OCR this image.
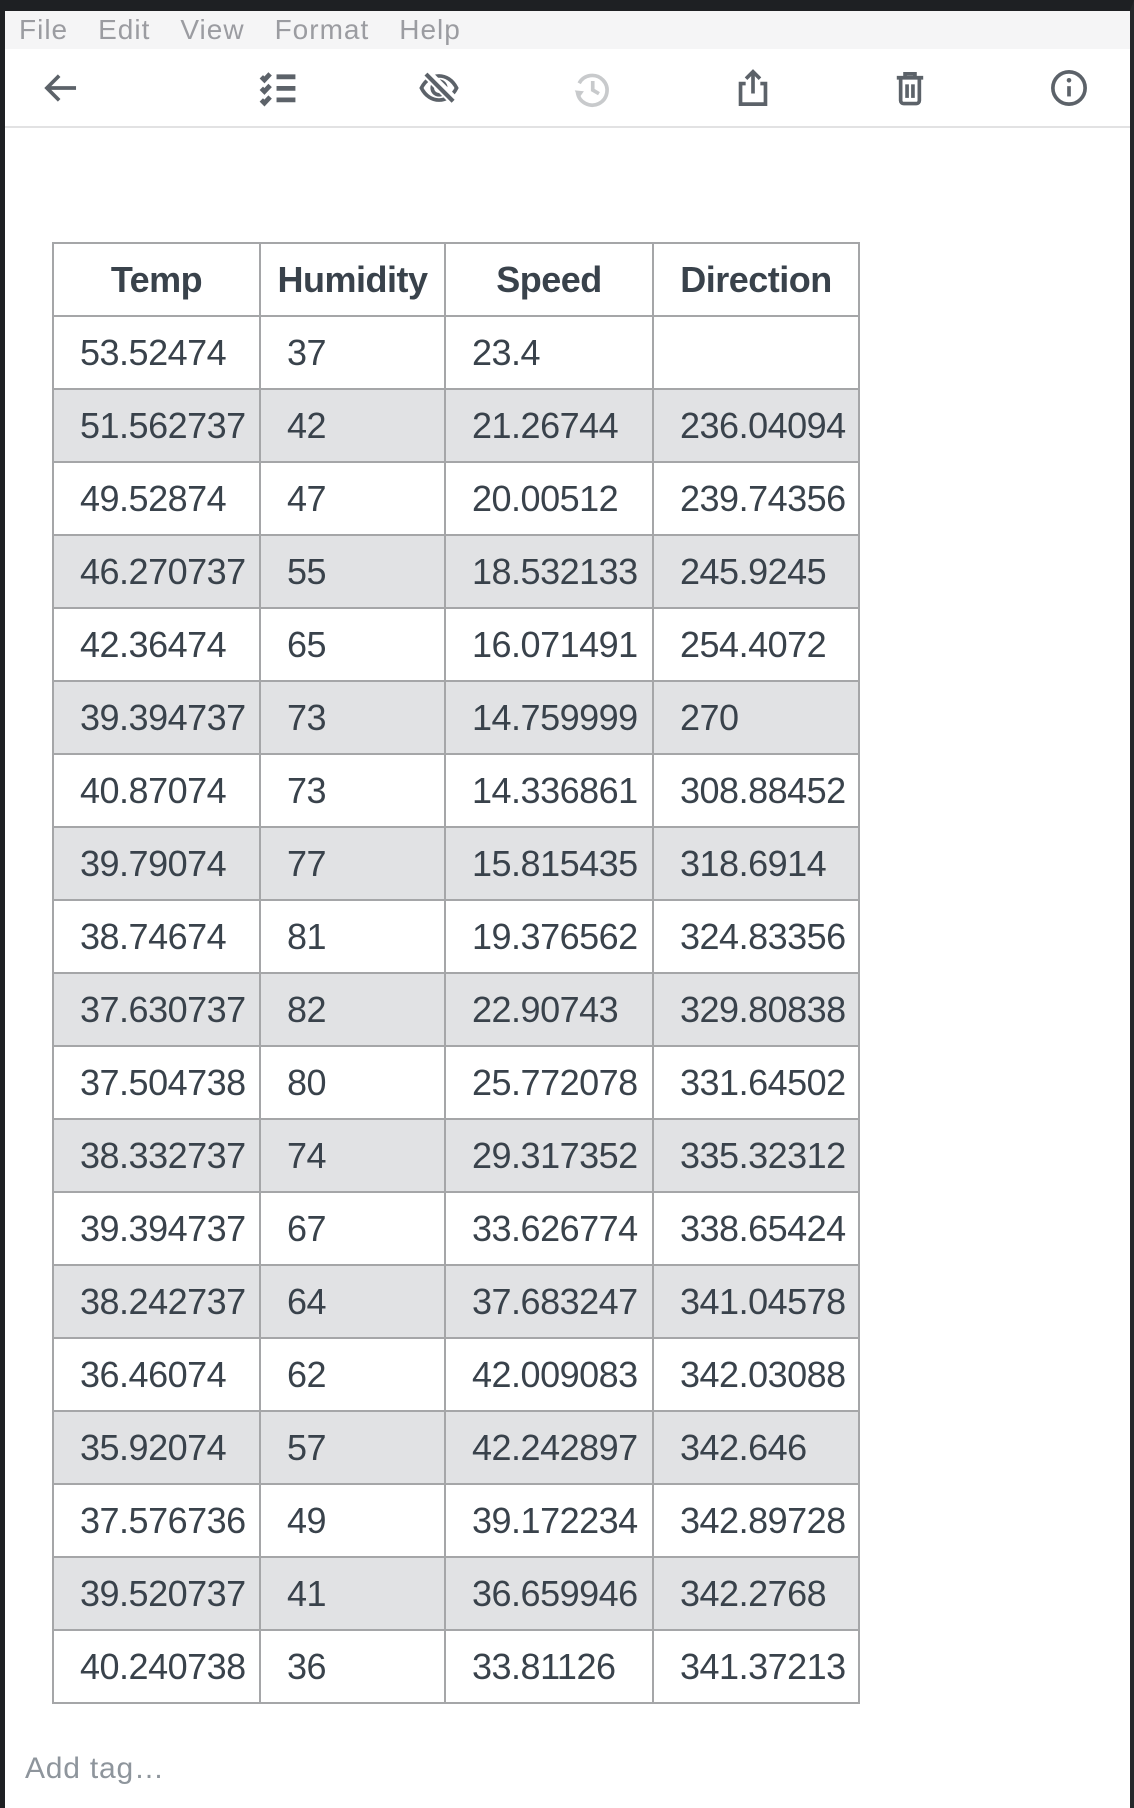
File Edit View Format Help
Temp	Humidity	Speed	Direction
53.52474	37	23.4	
51.562737	42	21.26744	236.04094
49.52874	47	20.00512	239.74356
46.270737	55	18.532133	245.9245
42.36474	65	16.071491	254.4072
39.394737	73	14.759999	270
40.87074	73	14.336861	308.88452
39.79074	77	15.815435	318.6914
38.74674	81	19.376562	324.83356
37.630737	82	22.90743	329.80838
37.504738	80	25.772078	331.64502
38.332737	74	29.317352	335.32312
39.394737	67	33.626774	338.65424
38.242737	64	37.683247	341.04578
36.46074	62	42.009083	342.03088
35.92074	57	42.242897	342.646
37.576736	49	39.172234	342.89728
39.520737	41	36.659946	342.2768
40.240738	36	33.81126	341.37213
Add tag…
